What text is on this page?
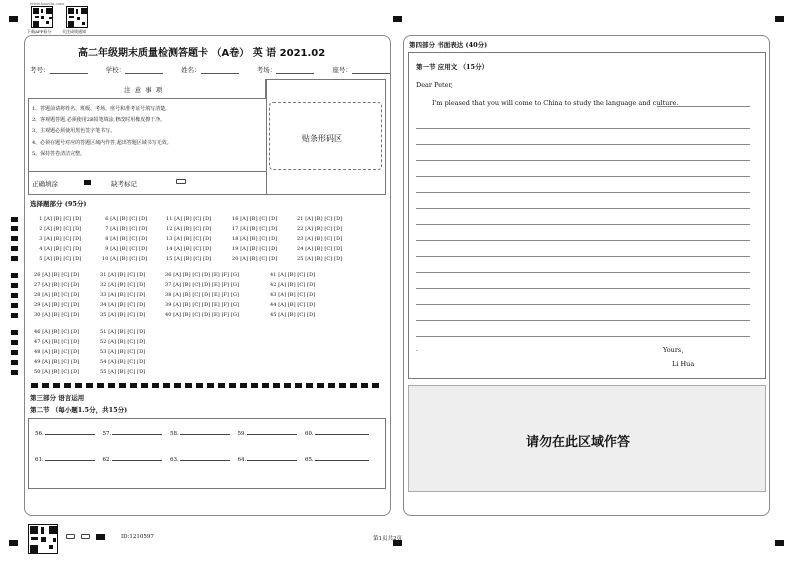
www.kaoshi.com
下载APP看分	关注成绩通知
高二年级期末质量检测答题卡 （A卷） 英 语 2021.02
考号：	学校：	姓名：	考场：	座号：
注 意 事 项
1、答题前请将姓名、班级、考场、座号和准考证号填写清楚。
2、客观题答题,必须使用2B铅笔填涂,修改时用橡皮擦干净。
3、主观题必须使用黑色签字笔书写。
4、必须在题号对应的答题区域内作答,超出答题区域书写无效。
5、保持答卷清洁完整。
正确填涂	缺考标记
贴条形码区
选择题部分 (95分)
 1 [A] [B] [C] [D]
 2 [A] [B] [C] [D]
 3 [A] [B] [C] [D]
 4 [A] [B] [C] [D]
 5 [A] [B] [C] [D]
 6 [A] [B] [C] [D]
 7 [A] [B] [C] [D]
 8 [A] [B] [C] [D]
 9 [A] [B] [C] [D]
10 [A] [B] [C] [D]
11 [A] [B] [C] [D]
12 [A] [B] [C] [D]
13 [A] [B] [C] [D]
14 [A] [B] [C] [D]
15 [A] [B] [C] [D]
16 [A] [B] [C] [D]
17 [A] [B] [C] [D]
18 [A] [B] [C] [D]
19 [A] [B] [C] [D]
20 [A] [B] [C] [D]
21 [A] [B] [C] [D]
22 [A] [B] [C] [D]
23 [A] [B] [C] [D]
24 [A] [B] [C] [D]
25 [A] [B] [C] [D]
26 [A] [B] [C] [D]
27 [A] [B] [C] [D]
28 [A] [B] [C] [D]
29 [A] [B] [C] [D]
30 [A] [B] [C] [D]
31 [A] [B] [C] [D]
32 [A] [B] [C] [D]
33 [A] [B] [C] [D]
34 [A] [B] [C] [D]
35 [A] [B] [C] [D]
36 [A] [B] [C] [D] [E] [F] [G]
37 [A] [B] [C] [D] [E] [F] [G]
38 [A] [B] [C] [D] [E] [F] [G]
39 [A] [B] [C] [D] [E] [F] [G]
40 [A] [B] [C] [D] [E] [F] [G]
41 [A] [B] [C] [D]
42 [A] [B] [C] [D]
43 [A] [B] [C] [D]
44 [A] [B] [C] [D]
45 [A] [B] [C] [D]
46 [A] [B] [C] [D]
47 [A] [B] [C] [D]
48 [A] [B] [C] [D]
49 [A] [B] [C] [D]
50 [A] [B] [C] [D]
51 [A] [B] [C] [D]
52 [A] [B] [C] [D]
53 [A] [B] [C] [D]
54 [A] [B] [C] [D]
55 [A] [B] [C] [D]
第三部分 语言运用
第二节 （每小题1.5分，共15分)
56.	57.	58.	59.	60.
61.	62.	63.	64.	65.
第四部分 书面表达 (40分)
第一节 应用文 （15分）
Dear Peter,
I'm pleased that you will come to China to study the language and culture.
.	Yours，
Li Hua
请勿在此区域作答
ID:1210597	第1页共2页
